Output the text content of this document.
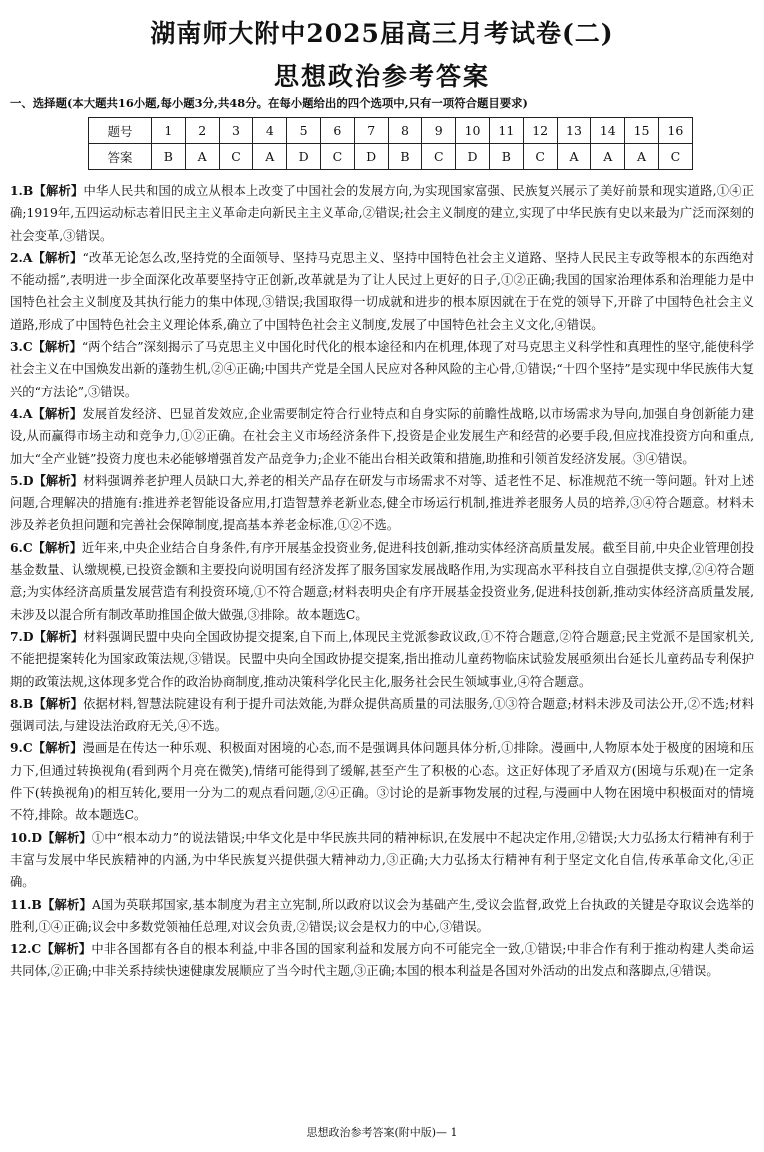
湖南师大附中2025届高三月考试卷(二)
思想政治参考答案
一、选择题(本大题共16小题,每小题3分,共48分。在每小题给出的四个选项中,只有一项符合题目要求)
题号	1	2	3	4	5	6	7	8	9	10	11	12	13	14	15	16
答案	B	A	C	A	D	C	D	B	C	D	B	C	A	A	A	C

1.B【解析】中华人民共和国的成立从根本上改变了中国社会的发展方向,为实现国家富强、民族复兴展示了美好前景和现实道路,①④正确;1919年,五四运动标志着旧民主主义革命走向新民主主义革命,②错误;社会主义制度的建立,实现了中华民族有史以来最为广泛而深刻的社会变革,③错误。

2.A【解析】“改革无论怎么改,坚持党的全面领导、坚持马克思主义、坚持中国特色社会主义道路、坚持人民民主专政等根本的东西绝对不能动摇”,表明进一步全面深化改革要坚持守正创新,改革就是为了让人民过上更好的日子,①②正确;我国的国家治理体系和治理能力是中国特色社会主义制度及其执行能力的集中体现,③错误;我国取得一切成就和进步的根本原因就在于在党的领导下,开辟了中国特色社会主义道路,形成了中国特色社会主义理论体系,确立了中国特色社会主义制度,发展了中国特色社会主义文化,④错误。

3.C【解析】“两个结合”深刻揭示了马克思主义中国化时代化的根本途径和内在机理,体现了对马克思主义科学性和真理性的坚守,能使科学社会主义在中国焕发出新的蓬勃生机,②④正确;中国共产党是全国人民应对各种风险的主心骨,①错误;“十四个坚持”是实现中华民族伟大复兴的“方法论”,③错误。

4.A【解析】发展首发经济、巴显首发效应,企业需要制定符合行业特点和自身实际的前瞻性战略,以市场需求为导向,加强自身创新能力建设,从而赢得市场主动和竞争力,①②正确。在社会主义市场经济条件下,投资是企业发展生产和经营的必要手段,但应找准投资方向和重点,加大“全产业链”投资力度也未必能够增强首发产品竞争力;企业不能出台相关政策和措施,助推和引领首发经济发展。③④错误。

5.D【解析】材料强调养老护理人员缺口大,养老的相关产品存在研发与市场需求不对等、适老性不足、标准规范不统一等问题。针对上述问题,合理解决的措施有:推进养老智能设备应用,打造智慧养老新业态,健全市场运行机制,推进养老服务人员的培养,③④符合题意。材料未涉及养老负担问题和完善社会保障制度,提高基本养老金标准,①②不选。

6.C【解析】近年来,中央企业结合自身条件,有序开展基金投资业务,促进科技创新,推动实体经济高质量发展。截至目前,中央企业管理创投基金数量、认缴规模,已投资金额和主要投向说明国有经济发挥了服务国家发展战略作用,为实现高水平科技自立自强提供支撑,②④符合题意;为实体经济高质量发展营造有利投资环境,①不符合题意;材料表明央企有序开展基金投资业务,促进科技创新,推动实体经济高质量发展,未涉及以混合所有制改革助推国企做大做强,③排除。故本题选C。

7.D【解析】材料强调民盟中央向全国政协提交提案,自下而上,体现民主党派参政议政,①不符合题意,②符合题意;民主党派不是国家机关,不能把提案转化为国家政策法规,③错误。民盟中央向全国政协提交提案,指出推动儿童药物临床试验发展亟须出台延长儿童药品专利保护期的政策法规,这体现多党合作的政治协商制度,推动决策科学化民主化,服务社会民生领域事业,④符合题意。

8.B【解析】依据材料,智慧法院建设有利于提升司法效能,为群众提供高质量的司法服务,①③符合题意;材料未涉及司法公开,②不选;材料强调司法,与建设法治政府无关,④不选。

9.C【解析】漫画是在传达一种乐观、积极面对困境的心态,而不是强调具体问题具体分析,①排除。漫画中,人物原本处于极度的困境和压力下,但通过转换视角(看到两个月亮在微笑),情绪可能得到了缓解,甚至产生了积极的心态。这正好体现了矛盾双方(困境与乐观)在一定条件下(转换视角)的相互转化,要用一分为二的观点看问题,②④正确。③讨论的是新事物发展的过程,与漫画中人物在困境中积极面对的情境不符,排除。故本题选C。

10.D【解析】①中“根本动力”的说法错误;中华文化是中华民族共同的精神标识,在发展中不起决定作用,②错误;大力弘扬太行精神有利于丰富与发展中华民族精神的内涵,为中华民族复兴提供强大精神动力,③正确;大力弘扬太行精神有利于坚定文化自信,传承革命文化,④正确。

11.B【解析】A国为英联邦国家,基本制度为君主立宪制,所以政府以议会为基础产生,受议会监督,政党上台执政的关键是夺取议会选举的胜利,①④正确;议会中多数党领袖任总理,对议会负责,②错误;议会是权力的中心,③错误。

12.C【解析】中非各国都有各自的根本利益,中非各国的国家利益和发展方向不可能完全一致,①错误;中非合作有利于推动构建人类命运共同体,②正确;中非关系持续快速健康发展顺应了当今时代主题,③正确;本国的根本利益是各国对外活动的出发点和落脚点,④错误。

思想政治参考答案(附中版)— 1
